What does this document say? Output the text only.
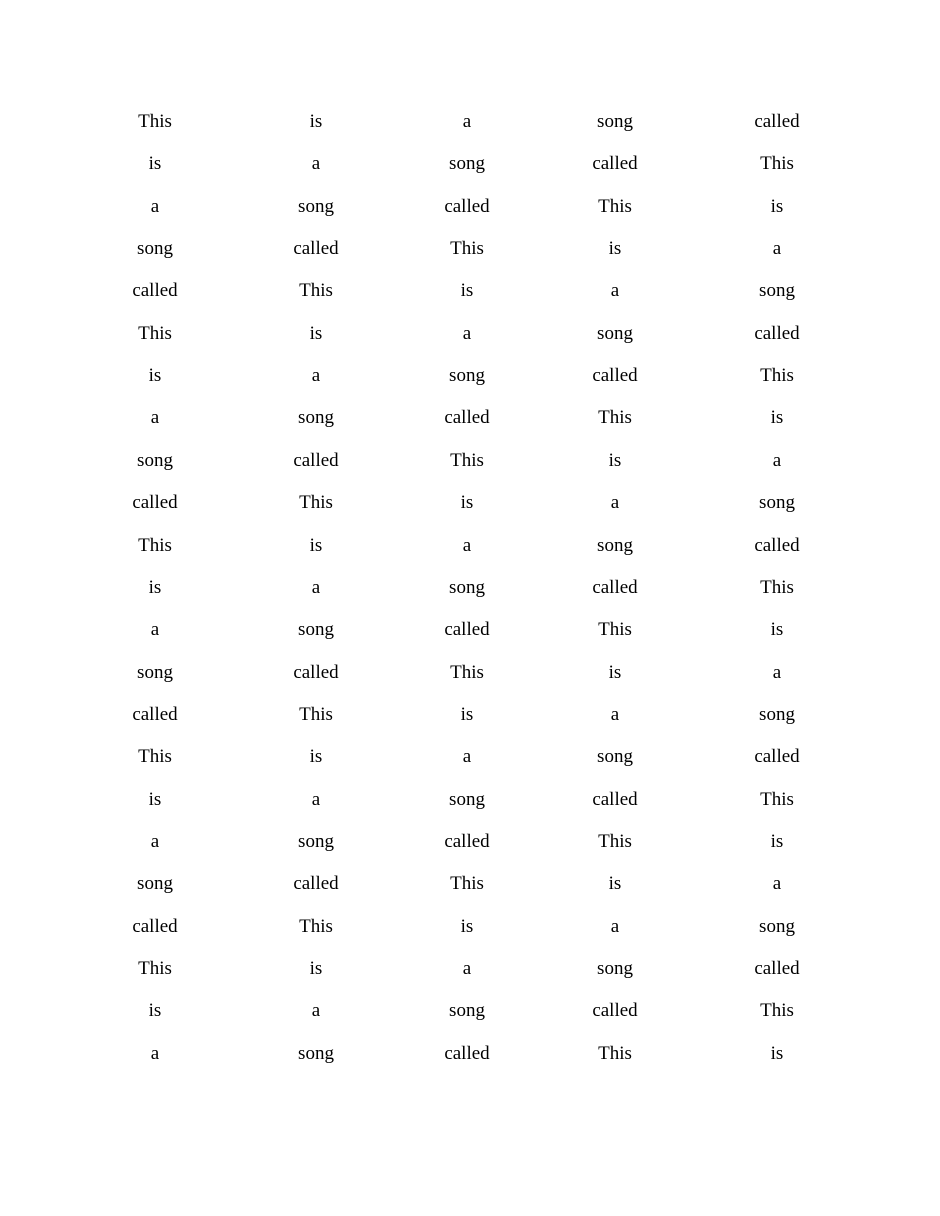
This	is	a	song	called
is	a	song	called	This
a	song	called	This	is
song	called	This	is	a
called	This	is	a	song
This	is	a	song	called
is	a	song	called	This
a	song	called	This	is
song	called	This	is	a
called	This	is	a	song
This	is	a	song	called
is	a	song	called	This
a	song	called	This	is
song	called	This	is	a
called	This	is	a	song
This	is	a	song	called
is	a	song	called	This
a	song	called	This	is
song	called	This	is	a
called	This	is	a	song
This	is	a	song	called
is	a	song	called	This
a	song	called	This	is
